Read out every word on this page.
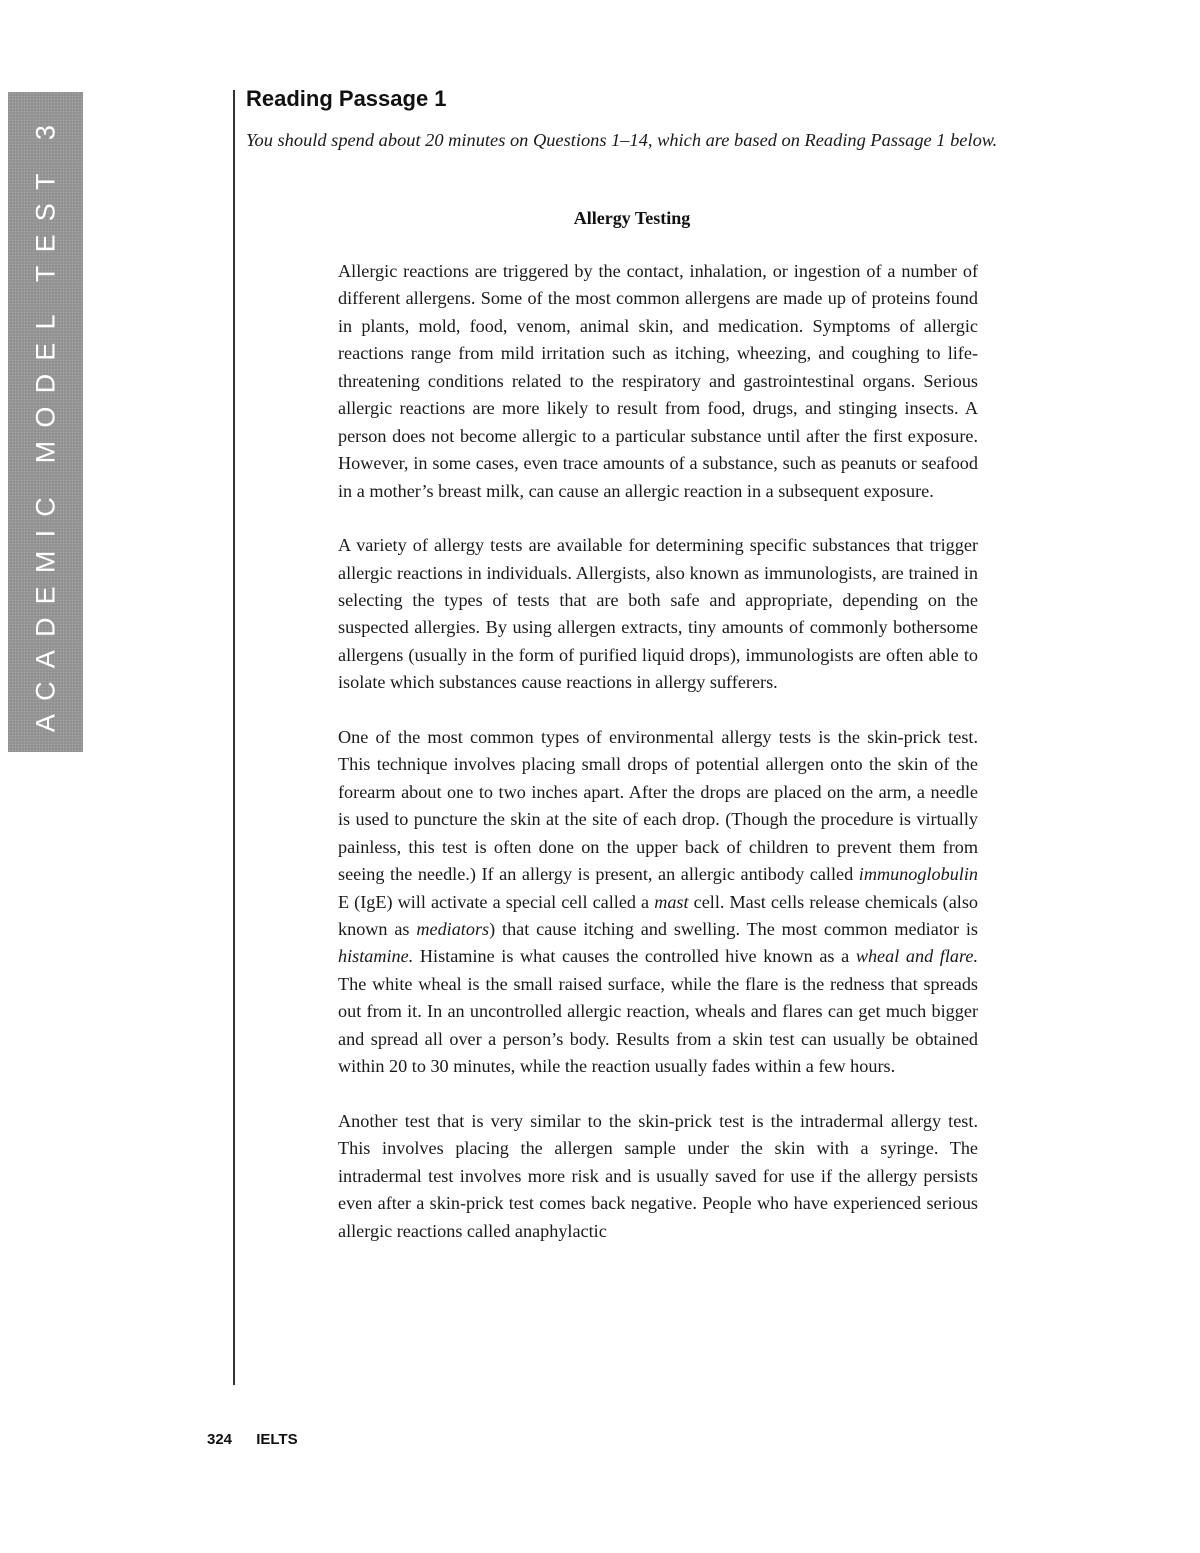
ACADEMIC MODEL TEST 3
Reading Passage 1

You should spend about 20 minutes on Questions 1–14, which are based on Reading Passage 1 below.

Allergy Testing

Allergic reactions are triggered by the contact, inhalation, or ingestion of a number of different allergens. Some of the most common allergens are made up of proteins found in plants, mold, food, venom, animal skin, and medication. Symptoms of allergic reactions range from mild irritation such as itching, wheezing, and coughing to life-threatening conditions related to the respiratory and gastrointestinal organs. Serious allergic reactions are more likely to result from food, drugs, and stinging insects. A person does not become allergic to a particular substance until after the first exposure. However, in some cases, even trace amounts of a substance, such as peanuts or seafood in a mother’s breast milk, can cause an allergic reaction in a subsequent exposure.

A variety of allergy tests are available for determining specific substances that trigger allergic reactions in individuals. Allergists, also known as immunologists, are trained in selecting the types of tests that are both safe and appropriate, depending on the suspected allergies. By using allergen extracts, tiny amounts of commonly bothersome allergens (usually in the form of purified liquid drops), immunologists are often able to isolate which substances cause reactions in allergy sufferers.

One of the most common types of environmental allergy tests is the skin-prick test. This technique involves placing small drops of potential allergen onto the skin of the forearm about one to two inches apart. After the drops are placed on the arm, a needle is used to puncture the skin at the site of each drop. (Though the procedure is virtually painless, this test is often done on the upper back of children to prevent them from seeing the needle.) If an allergy is present, an allergic antibody called immunoglobulin E (IgE) will activate a special cell called a mast cell. Mast cells release chemicals (also known as mediators) that cause itching and swelling. The most common mediator is histamine. Histamine is what causes the controlled hive known as a wheal and flare. The white wheal is the small raised surface, while the flare is the redness that spreads out from it. In an uncontrolled allergic reaction, wheals and flares can get much bigger and spread all over a person’s body. Results from a skin test can usually be obtained within 20 to 30 minutes, while the reaction usually fades within a few hours.

Another test that is very similar to the skin-prick test is the intradermal allergy test. This involves placing the allergen sample under the skin with a syringe. The intradermal test involves more risk and is usually saved for use if the allergy persists even after a skin-prick test comes back negative. People who have experienced serious allergic reactions called anaphylactic

324 IELTS
